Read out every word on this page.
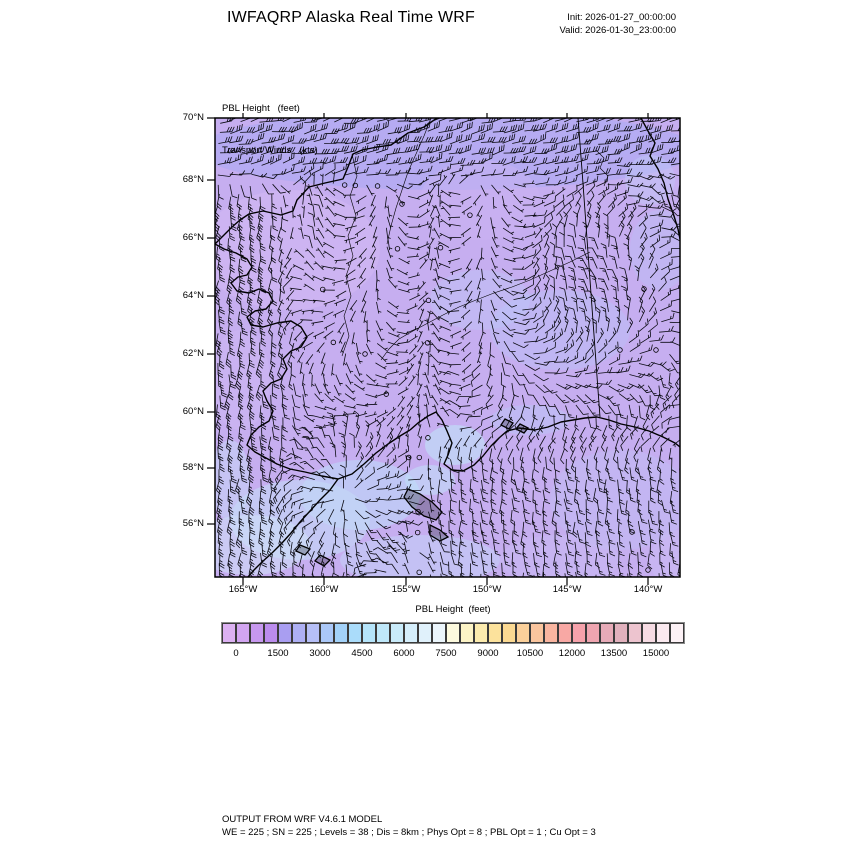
IWFAQRP Alaska Real Time WRF	Init: 2026-01-27_00:00:00
Valid: 2026-01-30_23:00:00

PBL Height   (feet)

Transport Winds   (kts)

70°N
68°N
66°N
64°N
62°N
60°N
58°N
56°N
165°W	160°W	155°W	150°W	145°W	140°W
PBL Height  (feet)
0	1500	3000	4500	6000	7500	9000	10500	12000	13500	15000
OUTPUT FROM WRF V4.6.1 MODEL
WE = 225 ; SN = 225 ; Levels = 38 ; Dis = 8km ; Phys Opt = 8 ; PBL Opt = 1 ; Cu Opt = 3
